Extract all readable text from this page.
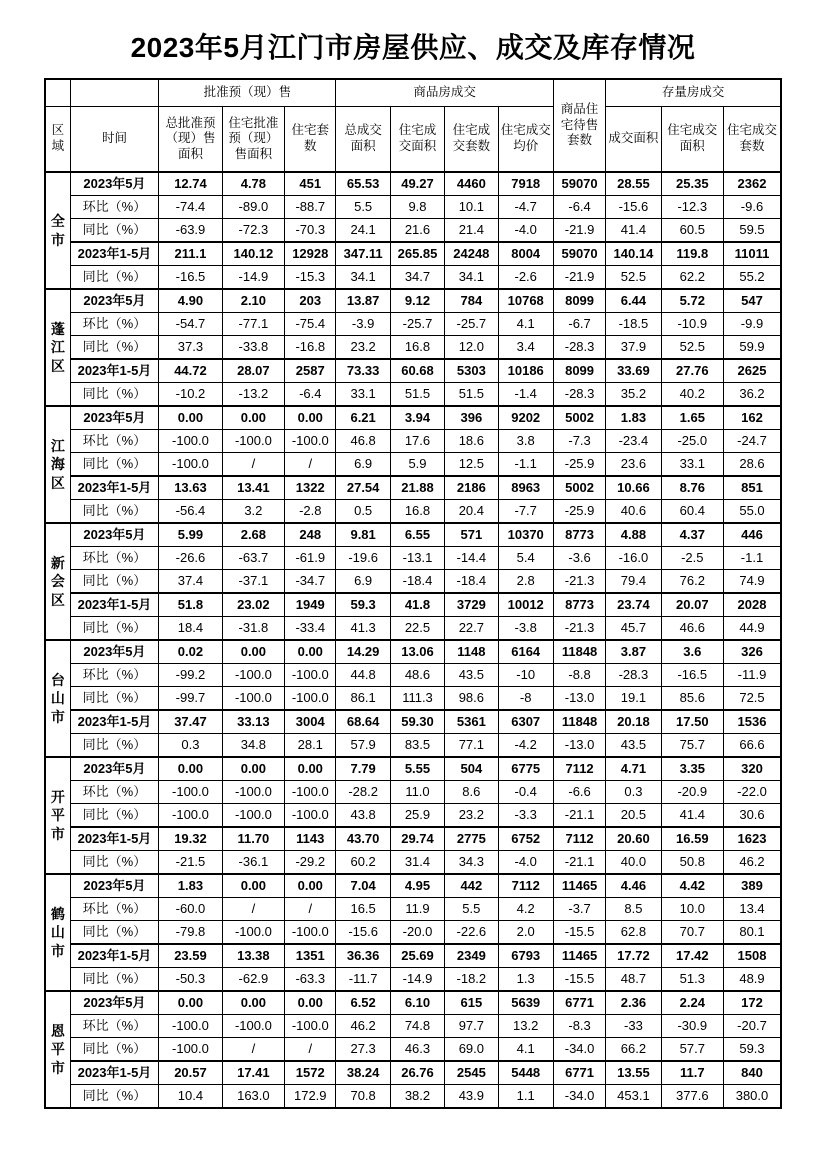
2023年5月江门市房屋供应、成交及库存情况
		批准预（现）售			商品房成交				商品住宅待售套数	存量房成交		
区域	时间	总批准预（现）售面积	住宅批准预（现）售面积	住宅套数	总成交面积	住宅成交面积	住宅成交套数	住宅成交均价		成交面积	住宅成交面积	住宅成交套数

全市	2023年5月	12.74	4.78	451	65.53	49.27	4460	7918	59070	28.55	25.35	2362
	环比（%）	-74.4	-89.0	-88.7	5.5	9.8	10.1	-4.7	-6.4	-15.6	-12.3	-9.6
	同比（%）	-63.9	-72.3	-70.3	24.1	21.6	21.4	-4.0	-21.9	41.4	60.5	59.5
	2023年1-5月	211.1	140.12	12928	347.11	265.85	24248	8004	59070	140.14	119.8	11011
	同比（%）	-16.5	-14.9	-15.3	34.1	34.7	34.1	-2.6	-21.9	52.5	62.2	55.2

蓬江区	2023年5月	4.90	2.10	203	13.87	9.12	784	10768	8099	6.44	5.72	547
	环比（%）	-54.7	-77.1	-75.4	-3.9	-25.7	-25.7	4.1	-6.7	-18.5	-10.9	-9.9
	同比（%）	37.3	-33.8	-16.8	23.2	16.8	12.0	3.4	-28.3	37.9	52.5	59.9
	2023年1-5月	44.72	28.07	2587	73.33	60.68	5303	10186	8099	33.69	27.76	2625
	同比（%）	-10.2	-13.2	-6.4	33.1	51.5	51.5	-1.4	-28.3	35.2	40.2	36.2

江海区	2023年5月	0.00	0.00	0.00	6.21	3.94	396	9202	5002	1.83	1.65	162
	环比（%）	-100.0	-100.0	-100.0	46.8	17.6	18.6	3.8	-7.3	-23.4	-25.0	-24.7
	同比（%）	-100.0	/	/	6.9	5.9	12.5	-1.1	-25.9	23.6	33.1	28.6
	2023年1-5月	13.63	13.41	1322	27.54	21.88	2186	8963	5002	10.66	8.76	851
	同比（%）	-56.4	3.2	-2.8	0.5	16.8	20.4	-7.7	-25.9	40.6	60.4	55.0

新会区	2023年5月	5.99	2.68	248	9.81	6.55	571	10370	8773	4.88	4.37	446
	环比（%）	-26.6	-63.7	-61.9	-19.6	-13.1	-14.4	5.4	-3.6	-16.0	-2.5	-1.1
	同比（%）	37.4	-37.1	-34.7	6.9	-18.4	-18.4	2.8	-21.3	79.4	76.2	74.9
	2023年1-5月	51.8	23.02	1949	59.3	41.8	3729	10012	8773	23.74	20.07	2028
	同比（%）	18.4	-31.8	-33.4	41.3	22.5	22.7	-3.8	-21.3	45.7	46.6	44.9

台山市	2023年5月	0.02	0.00	0.00	14.29	13.06	1148	6164	11848	3.87	3.6	326
	环比（%）	-99.2	-100.0	-100.0	44.8	48.6	43.5	-10	-8.8	-28.3	-16.5	-11.9
	同比（%）	-99.7	-100.0	-100.0	86.1	111.3	98.6	-8	-13.0	19.1	85.6	72.5
	2023年1-5月	37.47	33.13	3004	68.64	59.30	5361	6307	11848	20.18	17.50	1536
	同比（%）	0.3	34.8	28.1	57.9	83.5	77.1	-4.2	-13.0	43.5	75.7	66.6

开平市	2023年5月	0.00	0.00	0.00	7.79	5.55	504	6775	7112	4.71	3.35	320
	环比（%）	-100.0	-100.0	-100.0	-28.2	11.0	8.6	-0.4	-6.6	0.3	-20.9	-22.0
	同比（%）	-100.0	-100.0	-100.0	43.8	25.9	23.2	-3.3	-21.1	20.5	41.4	30.6
	2023年1-5月	19.32	11.70	1143	43.70	29.74	2775	6752	7112	20.60	16.59	1623
	同比（%）	-21.5	-36.1	-29.2	60.2	31.4	34.3	-4.0	-21.1	40.0	50.8	46.2

鹤山市	2023年5月	1.83	0.00	0.00	7.04	4.95	442	7112	11465	4.46	4.42	389
	环比（%）	-60.0	/	/	16.5	11.9	5.5	4.2	-3.7	8.5	10.0	13.4
	同比（%）	-79.8	-100.0	-100.0	-15.6	-20.0	-22.6	2.0	-15.5	62.8	70.7	80.1
	2023年1-5月	23.59	13.38	1351	36.36	25.69	2349	6793	11465	17.72	17.42	1508
	同比（%）	-50.3	-62.9	-63.3	-11.7	-14.9	-18.2	1.3	-15.5	48.7	51.3	48.9

恩平市	2023年5月	0.00	0.00	0.00	6.52	6.10	615	5639	6771	2.36	2.24	172
	环比（%）	-100.0	-100.0	-100.0	46.2	74.8	97.7	13.2	-8.3	-33	-30.9	-20.7
	同比（%）	-100.0	/	/	27.3	46.3	69.0	4.1	-34.0	66.2	57.7	59.3
	2023年1-5月	20.57	17.41	1572	38.24	26.76	2545	5448	6771	13.55	11.7	840
	同比（%）	10.4	163.0	172.9	70.8	38.2	43.9	1.1	-34.0	453.1	377.6	380.0
